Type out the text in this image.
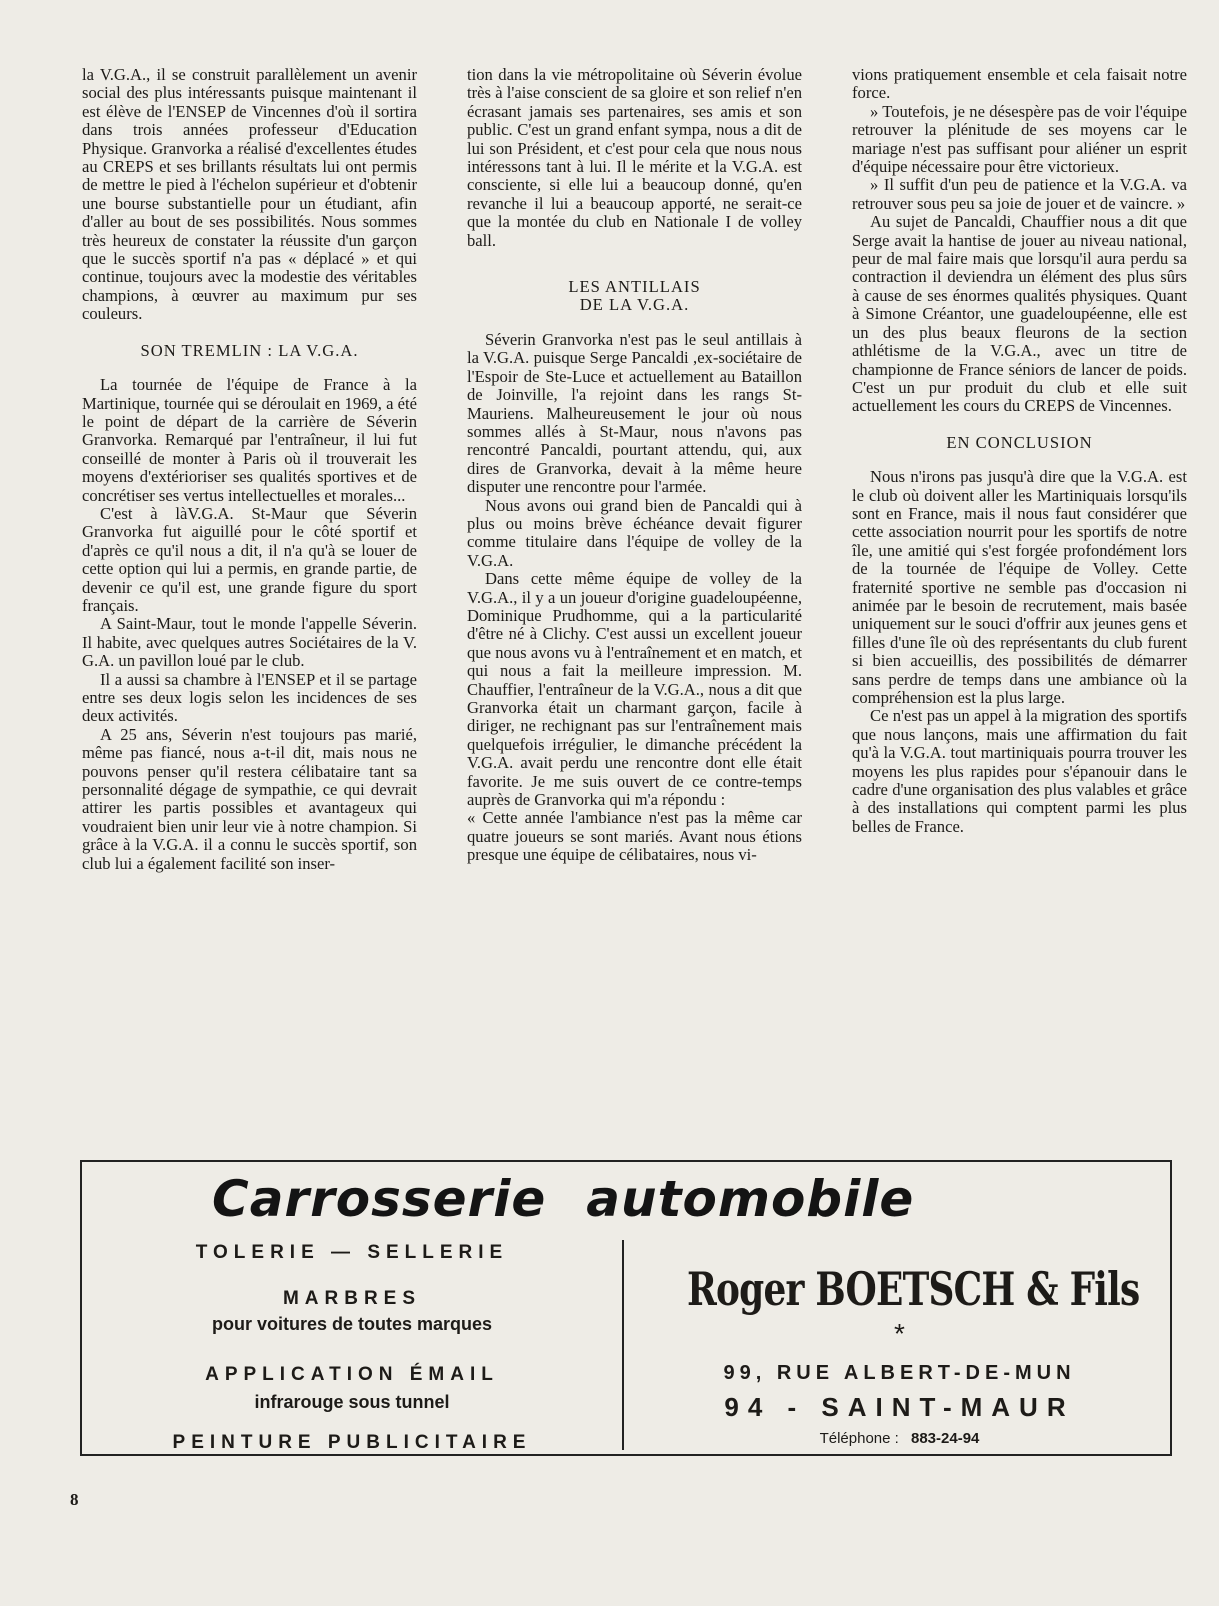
la V.G.A., il se construit parallèlement un avenir social des plus intéressants puisque maintenant il est élève de l'ENSEP de Vincennes d'où il sortira dans trois années professeur d'Education Physique. Granvorka a réalisé d'excellentes études au CREPS et ses brillants résultats lui ont permis de mettre le pied à l'échelon supérieur et d'obtenir une bourse substantielle pour un étudiant, afin d'aller au bout de ses possibilités. Nous sommes très heureux de constater la réussite d'un garçon que le succès sportif n'a pas « déplacé » et qui continue, toujours avec la modestie des véritables champions, à œuvrer au maximum pur ses couleurs.

SON TREMLIN : LA V.G.A.

La tournée de l'équipe de France à la Martinique, tournée qui se déroulait en 1969, a été le point de départ de la carrière de Séverin Granvorka. Remarqué par l'entraîneur, il lui fut conseillé de monter à Paris où il trouverait les moyens d'extérioriser ses qualités sportives et de concrétiser ses vertus intellectuelles et morales...

C'est à làV.G.A. St-Maur que Séverin Granvorka fut aiguillé pour le côté sportif et d'après ce qu'il nous a dit, il n'a qu'à se louer de cette option qui lui a permis, en grande partie, de devenir ce qu'il est, une grande figure du sport français.

A Saint-Maur, tout le monde l'appelle Séverin. Il habite, avec quelques autres Sociétaires de la V. G.A. un pavillon loué par le club.

Il a aussi sa chambre à l'ENSEP et il se partage entre ses deux logis selon les incidences de ses deux activités.

A 25 ans, Séverin n'est toujours pas marié, même pas fiancé, nous a-t-il dit, mais nous ne pouvons penser qu'il restera célibataire tant sa personnalité dégage de sympathie, ce qui devrait attirer les partis possibles et avantageux qui voudraient bien unir leur vie à notre champion. Si grâce à la V.G.A. il a connu le succès sportif, son club lui a également facilité son inser-

tion dans la vie métropolitaine où Séverin évolue très à l'aise conscient de sa gloire et son relief n'en écrasant jamais ses partenaires, ses amis et son public. C'est un grand enfant sympa, nous a dit de lui son Président, et c'est pour cela que nous nous intéressons tant à lui. Il le mérite et la V.G.A. est consciente, si elle lui a beaucoup donné, qu'en revanche il lui a beaucoup apporté, ne serait-ce que la montée du club en Nationale I de volley ball.

LES ANTILLAIS
DE LA V.G.A.

Séverin Granvorka n'est pas le seul antillais à la V.G.A. puisque Serge Pancaldi ,ex-sociétaire de l'Espoir de Ste-Luce et actuellement au Bataillon de Joinville, l'a rejoint dans les rangs St-Mauriens. Malheureusement le jour où nous sommes allés à St-Maur, nous n'avons pas rencontré Pancaldi, pourtant attendu, qui, aux dires de Granvorka, devait à la même heure disputer une rencontre pour l'armée.

Nous avons oui grand bien de Pancaldi qui à plus ou moins brève échéance devait figurer comme titulaire dans l'équipe de volley de la V.G.A.

Dans cette même équipe de volley de la V.G.A., il y a un joueur d'origine guadeloupéenne, Dominique Prudhomme, qui a la particularité d'être né à Clichy. C'est aussi un excellent joueur que nous avons vu à l'entraînement et en match, et qui nous a fait la meilleure impression. M. Chauffier, l'entraîneur de la V.G.A., nous a dit que Granvorka était un charmant garçon, facile à diriger, ne rechignant pas sur l'entraînement mais quelquefois irrégulier, le dimanche précédent la V.G.A. avait perdu une rencontre dont elle était favorite. Je me suis ouvert de ce contre-temps auprès de Granvorka qui m'a répondu :

« Cette année l'ambiance n'est pas la même car quatre joueurs se sont mariés. Avant nous étions presque une équipe de célibataires, nous vi-

vions pratiquement ensemble et cela faisait notre force.

» Toutefois, je ne désespère pas de voir l'équipe retrouver la plénitude de ses moyens car le mariage n'est pas suffisant pour aliéner un esprit d'équipe nécessaire pour être victorieux.

» Il suffit d'un peu de patience et la V.G.A. va retrouver sous peu sa joie de jouer et de vaincre. »

Au sujet de Pancaldi, Chauffier nous a dit que Serge avait la hantise de jouer au niveau national, peur de mal faire mais que lorsqu'il aura perdu sa contraction il deviendra un élément des plus sûrs à cause de ses énormes qualités physiques. Quant à Simone Créantor, une guadeloupéenne, elle est un des plus beaux fleurons de la section athlétisme de la V.G.A., avec un titre de championne de France séniors de lancer de poids. C'est un pur produit du club et elle suit actuellement les cours du CREPS de Vincennes.

EN CONCLUSION

Nous n'irons pas jusqu'à dire que la V.G.A. est le club où doivent aller les Martiniquais lorsqu'ils sont en France, mais il nous faut considérer que cette association nourrit pour les sportifs de notre île, une amitié qui s'est forgée profondément lors de la tournée de l'équipe de Volley. Cette fraternité sportive ne semble pas d'occasion ni animée par le besoin de recrutement, mais basée uniquement sur le souci d'offrir aux jeunes gens et filles d'une île où des représentants du club furent si bien accueillis, des possibilités de démarrer sans perdre de temps dans une ambiance où la compréhension est la plus large.

Ce n'est pas un appel à la migration des sportifs que nous lançons, mais une affirmation du fait qu'à la V.G.A. tout martiniquais pourra trouver les moyens les plus rapides pour s'épanouir dans le cadre d'une organisation des plus valables et grâce à des installations qui comptent parmi les plus belles de France.

Carrosserie automobile
TOLERIE — SELLERIE
MARBRES
pour voitures de toutes marques
APPLICATION ÉMAIL
infrarouge sous tunnel
PEINTURE PUBLICITAIRE
Roger BOETSCH & Fils
*
99, RUE ALBERT-DE-MUN
94 - SAINT-MAUR
Téléphone : 883-24-94
8
